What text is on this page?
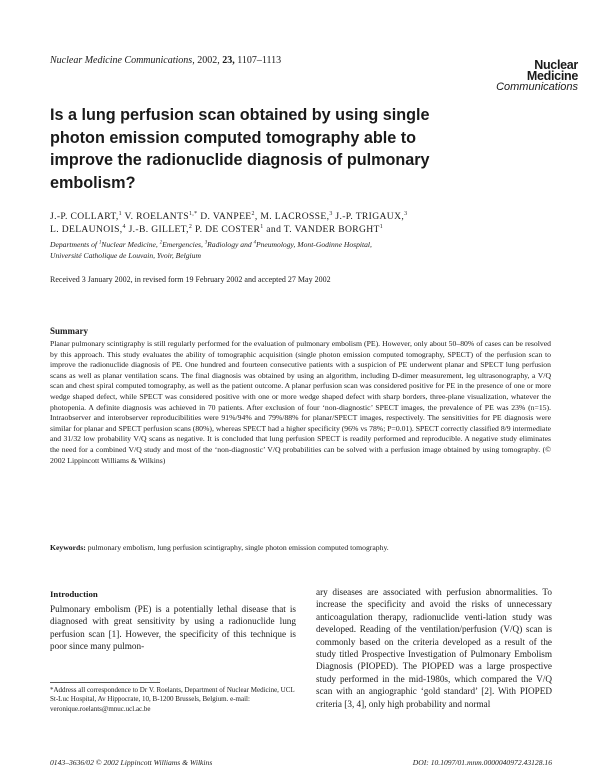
Nuclear Medicine Communications, 2002, 23, 1107–1113	Nuclear
Medicine
Communications
Is a lung perfusion scan obtained by using single photon emission computed tomography able to improve the radionuclide diagnosis of pulmonary embolism?
J.-P. COLLART,$^1$ V. $ROELANTS^{1,*}$ D. VANPEE$^2$, M. LACROSSE,$^3$ J.-P. TRIGAUX,$^3$
L. DELAUNOIS,$^4$ J.-B. GILLET,$^2$ P. DE COSTER$^1$ and T. VANDER BORGHT$^1$
Departments of $^1$Nuclear Medicine, $^2$Emergencies, $^3$Radiology and $^4$Pneumology, Mont-Godinne Hospital,
Université Catholique de Louvain, Yvoir, Belgium
Received 3 January 2002, in revised form 19 February 2002 and accepted 27 May 2002
Summary
Planar pulmonary scintigraphy is still regularly performed for the evaluation of pulmonary embolism (PE). However, only about 50–80% of cases can be resolved by this approach. This study evaluates the ability of tomographic acquisition (single photon emission computed tomography, SPECT) of the perfusion scan to improve the radionuclide diagnosis of PE. One hundred and fourteen consecutive patients with a suspicion of PE underwent planar and SPECT lung perfusion scans as well as planar ventilation scans. The final diagnosis was obtained by using an algorithm, including D-dimer measurement, leg ultrasonography, a V/Q scan and chest spiral computed tomography, as well as the patient outcome. A planar perfusion scan was considered positive for PE in the presence of one or more wedge shaped defect, while SPECT was considered positive with one or more wedge shaped defect with sharp borders, three-plane visualization, whatever the photopenia. A definite diagnosis was achieved in 70 patients. After exclusion of four ‘non-diagnostic’ SPECT images, the prevalence of PE was 23% (n=15). Intraobserver and interobserver reproducibilities were 91%/94% and 79%/88% for planar/SPECT images, respectively. The sensitivities for PE diagnosis were similar for planar and SPECT perfusion scans (80%), whereas SPECT had a higher specificity (96% vs 78%; P=0.01). SPECT correctly classified 8/9 intermediate and 31/32 low probability V/Q scans as negative. It is concluded that lung perfusion SPECT is readily performed and reproducible. A negative study eliminates the need for a combined V/Q study and most of the ‘non-diagnostic’ V/Q probabilities can be solved with a perfusion image obtained by using tomography. (© 2002 Lippincott Williams & Wilkins)
Keywords: pulmonary embolism, lung perfusion scintigraphy, single photon emission computed tomography.
Introduction
Pulmonary embolism (PE) is a potentially lethal disease that is diagnosed with great sensitivity by using a radionuclide lung perfusion scan [1]. However, the specificity of this technique is poor since many pulmon-
ary diseases are associated with perfusion abnormalities. To increase the specificity and avoid the risks of unnecessary anticoagulation therapy, radionuclide venti-lation study was developed. Reading of the ventilation/perfusion (V/Q) scan is commonly based on the criteria developed as a result of the study titled Prospective Investigation of Pulmonary Embolism Diagnosis (PIOPED). The PIOPED was a large prospective study performed in the mid-1980s, which compared the V/Q scan with an angiographic ‘gold standard’ [2]. With PIOPED criteria [3, 4], only high probability and normal
*Address all correspondence to Dr V. Roelants, Department of Nuclear Medicine, UCL St-Luc Hospital, Av Hippocrate, 10, B-1200 Brussels, Belgium. e-mail: veronique.roelants@mnuc.ucl.ac.be
0143–3636/02 © 2002 Lippincott Williams & Wilkins	DOI: 10.1097/01.mnm.0000040972.43128.16
